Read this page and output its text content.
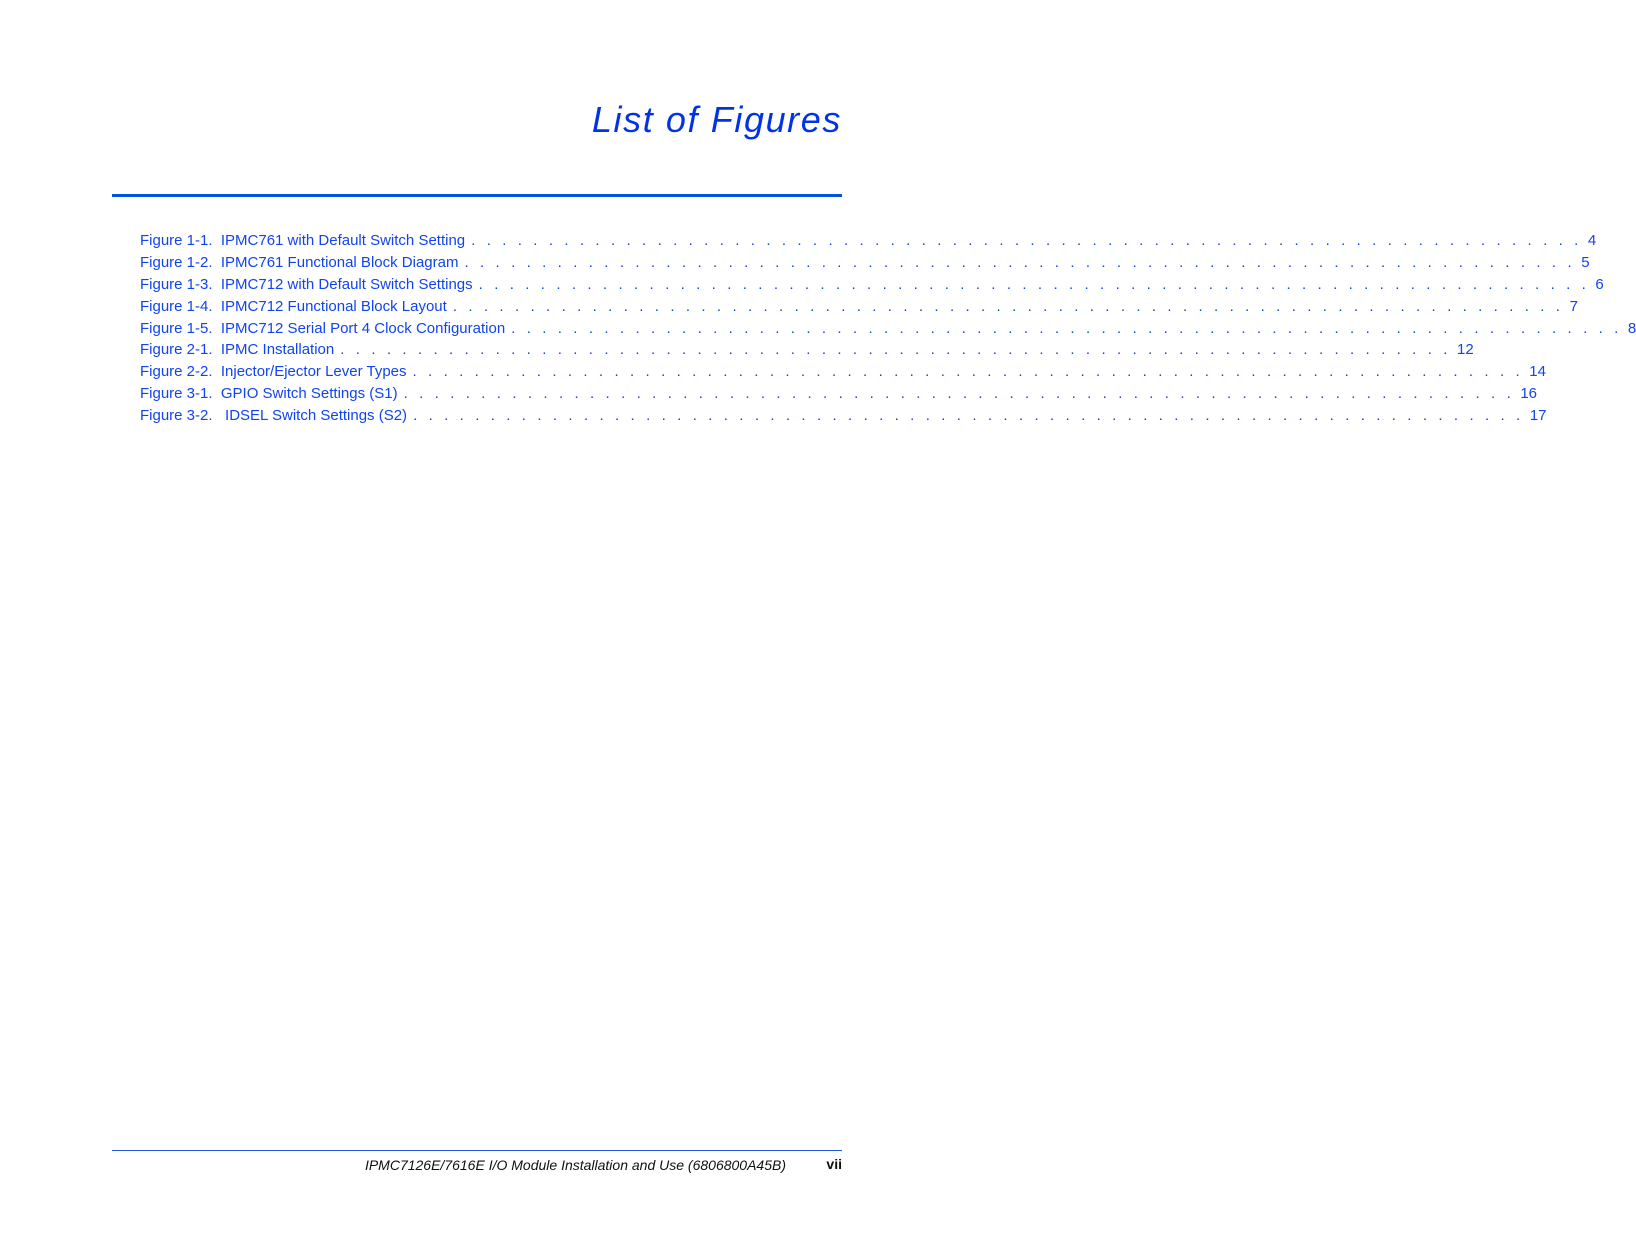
List of Figures
Figure 1-1.  IPMC761 with Default Switch Setting . . . . . . . . . . . . . . . . . . . . . . . . . . . . . . . . . . . . . . . . . . . . . . . . . . . . . . . . . . . . . . . . . . . . . . . . 4
Figure 1-2.  IPMC761 Functional Block Diagram . . . . . . . . . . . . . . . . . . . . . . . . . . . . . . . . . . . . . . . . . . . . . . . . . . . . . . . . . . . . . . . . . . . . . . . . 5
Figure 1-3.  IPMC712 with Default Switch Settings . . . . . . . . . . . . . . . . . . . . . . . . . . . . . . . . . . . . . . . . . . . . . . . . . . . . . . . . . . . . . . . . . . . . . . . . 6
Figure 1-4.  IPMC712 Functional Block Layout . . . . . . . . . . . . . . . . . . . . . . . . . . . . . . . . . . . . . . . . . . . . . . . . . . . . . . . . . . . . . . . . . . . . . . . . 7
Figure 1-5.  IPMC712 Serial Port 4 Clock Configuration . . . . . . . . . . . . . . . . . . . . . . . . . . . . . . . . . . . . . . . . . . . . . . . . . . . . . . . . . . . . . . . . . . . . . . . . 8
Figure 2-1.  IPMC Installation . . . . . . . . . . . . . . . . . . . . . . . . . . . . . . . . . . . . . . . . . . . . . . . . . . . . . . . . . . . . . . . . . . . . . . . . 12
Figure 2-2.  Injector/Ejector Lever Types . . . . . . . . . . . . . . . . . . . . . . . . . . . . . . . . . . . . . . . . . . . . . . . . . . . . . . . . . . . . . . . . . . . . . . . . 14
Figure 3-1.  GPIO Switch Settings (S1) . . . . . . . . . . . . . . . . . . . . . . . . . . . . . . . . . . . . . . . . . . . . . . . . . . . . . . . . . . . . . . . . . . . . . . . . 16
Figure 3-2.   IDSEL Switch Settings (S2) . . . . . . . . . . . . . . . . . . . . . . . . . . . . . . . . . . . . . . . . . . . . . . . . . . . . . . . . . . . . . . . . . . . . . . . . 17
IPMC7126E/7616E I/O Module Installation and Use (6806800A45B)	vii
